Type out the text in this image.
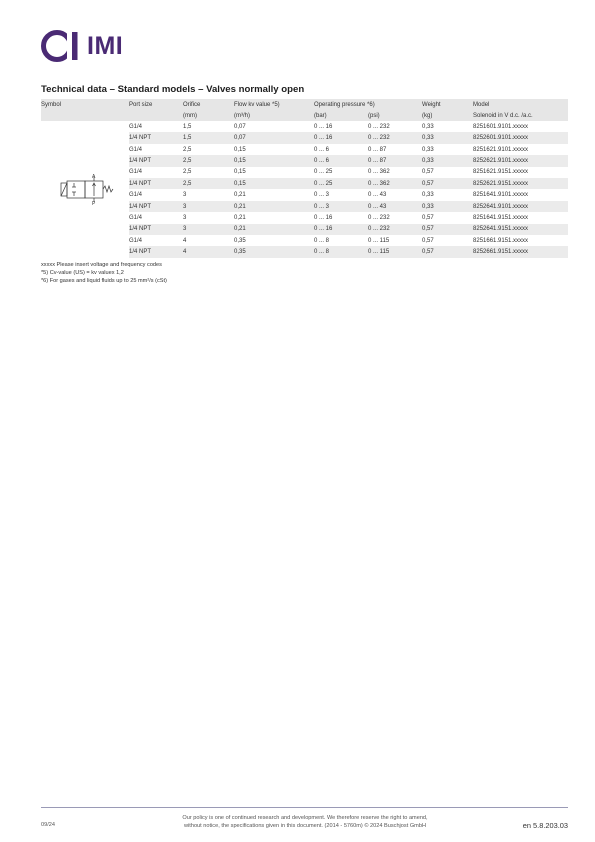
IMI
Technical data – Standard models – Valves normally open
Symbol	Port size	Orifice	Flow kv value *5)	Operating pressure *6)		Weight	Model
		(mm)	(m³/h)	(bar)	(psi)	(kg)	Solenoid in V d.c. /a.c.

A
P	G1/4	1,5	0,07	0 ... 16	0 ... 232	0,33	8251601.9101.xxxxx
	1/4 NPT	1,5	0,07	0 ... 16	0 ... 232	0,33	8252601.9101.xxxxx
	G1/4	2,5	0,15	0 ... 6	0 ... 87	0,33	8251621.9101.xxxxx
	1/4 NPT	2,5	0,15	0 ... 6	0 ... 87	0,33	8252621.9101.xxxxx
	G1/4	2,5	0,15	0 ... 25	0 ... 362	0,57	8251621.9151.xxxxx
	1/4 NPT	2,5	0,15	0 ... 25	0 ... 362	0,57	8252621.9151.xxxxx
	G1/4	3	0,21	0 ... 3	0 ... 43	0,33	8251641.9101.xxxxx
	1/4 NPT	3	0,21	0 ... 3	0 ... 43	0,33	8252641.9101.xxxxx
	G1/4	3	0,21	0 ... 16	0 ... 232	0,57	8251641.9151.xxxxx
	1/4 NPT	3	0,21	0 ... 16	0 ... 232	0,57	8252641.9151.xxxxx
	G1/4	4	0,35	0 ... 8	0 ... 115	0,57	8251661.9151.xxxxx
	1/4 NPT	4	0,35	0 ... 8	0 ... 115	0,57	8252661.9151.xxxxx
xxxxx Please insert voltage and frequency codes
*5) Cv-value (US) = kv valuex 1,2
*6) For gases and liquid fluids up to 25 mm²/s (cSt)
09/24
Our policy is one of continued research and development. We therefore reserve the right to amend,
without notice, the specifications given in this document. (2014 - 5760m) © 2024 Buschjost GmbH	en 5.8.203.03
